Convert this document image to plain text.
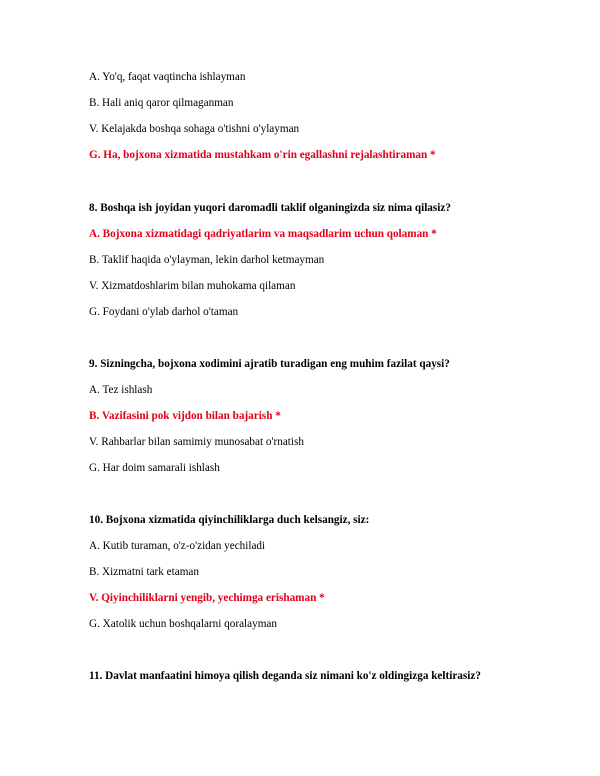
A. Yo'q, faqat vaqtincha ishlayman
B. Hali aniq qaror qilmaganman
V. Kelajakda boshqa sohaga o'tishni o'ylayman
G. Ha, bojxona xizmatida mustahkam o'rin egallashni rejalashtiraman *
8. Boshqa ish joyidan yuqori daromadli taklif olganingizda siz nima qilasiz?
A. Bojxona xizmatidagi qadriyatlarim va maqsadlarim uchun qolaman *
B. Taklif haqida o'ylayman, lekin darhol ketmayman
V. Xizmatdoshlarim bilan muhokama qilaman
G. Foydani o'ylab darhol o'taman
9. Sizningcha, bojxona xodimini ajratib turadigan eng muhim fazilat qaysi?
A. Tez ishlash
B. Vazifasini pok vijdon bilan bajarish *
V. Rahbarlar bilan samimiy munosabat o'rnatish
G. Har doim samarali ishlash
10. Bojxona xizmatida qiyinchiliklarga duch kelsangiz, siz:
A. Kutib turaman, o'z-o'zidan yechiladi
B. Xizmatni tark etaman
V. Qiyinchiliklarni yengib, yechimga erishaman *
G. Xatolik uchun boshqalarni qoralayman
11. Davlat manfaatini himoya qilish deganda siz nimani ko'z oldingizga keltirasiz?
